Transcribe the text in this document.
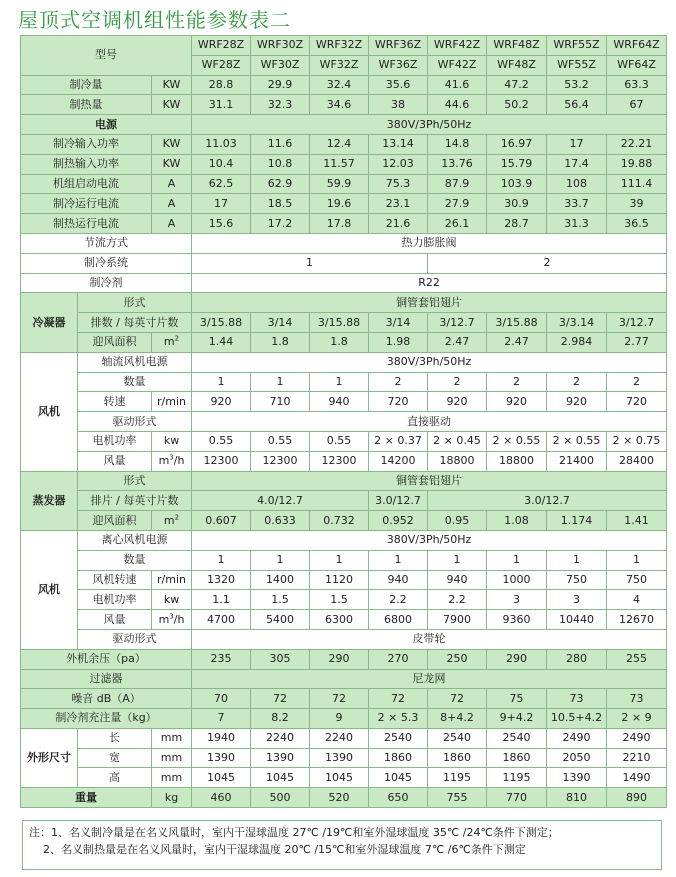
屋顶式空调机组性能参数表二
型号			WRF28Z	WRF30Z	WRF32Z	WRF36Z	WRF42Z	WRF48Z	WRF55Z	WRF64Z
			WF28Z	WF30Z	WF32Z	WF36Z	WF42Z	WF48Z	WF55Z	WF64Z
制冷量		KW	28.8	29.9	32.4	35.6	41.6	47.2	53.2	63.3
制热量		KW	31.1	32.3	34.6	38	44.6	50.2	56.4	67
电源			380V/3Ph/50Hz							
制冷输入功率		KW	11.03	11.6	12.4	13.14	14.8	16.97	17	22.21
制热输入功率		KW	10.4	10.8	11.57	12.03	13.76	15.79	17.4	19.88
机组启动电流		A	62.5	62.9	59.9	75.3	87.9	103.9	108	111.4
制冷运行电流		A	17	18.5	19.6	23.1	27.9	30.9	33.7	39
制热运行电流		A	15.6	17.2	17.8	21.6	26.1	28.7	31.3	36.5
节流方式			热力膨胀阀							
制冷系统			1				2			
制冷剂			R22							
冷凝器	形式		铜管套铝翅片							
	排数 / 每英寸片数		3/15.88	3/14	3/15.88	3/14	3/12.7	3/15.88	3/3.14	3/12.7
	迎风面积	$m^2$	1.44	1.8	1.8	1.98	2.47	2.47	2.984	2.77
风机	轴流风机电源		380V/3Ph/50Hz							
	数量		1	1	1	2	2	2	2	2
	转速	r/min	920	710	940	720	920	920	920	720
	驱动形式		直接驱动							
	电机功率	kw	0.55	0.55	0.55	2 × 0.37	2 × 0.45	2 × 0.55	2 × 0.55	2 × 0.75
	风量	$m^3/h$	12300	12300	12300	14200	18800	18800	21400	28400
蒸发器	形式		铜管套铝翅片							
	排片 / 每英寸片数		4.0/12.7			3.0/12.7	3.0/12.7			
	迎风面积	$m^2$	0.607	0.633	0.732	0.952	0.95	1.08	1.174	1.41
风机	离心风机电源		380V/3Ph/50Hz							
	数量		1	1	1	1	1	1	1	1
	风机转速	r/min	1320	1400	1120	940	940	1000	750	750
	电机功率	kw	1.1	1.5	1.5	2.2	2.2	3	3	4
	风量	$m^3/h$	4700	5400	6300	6800	7900	9360	10440	12670
	驱动形式		皮带轮							
外机余压（pa）			235	305	290	270	250	290	280	255
过滤器			尼龙网							
噪音 dB（A）			70	72	72	72	72	75	73	73
制冷剂充注量（kg）			7	8.2	9	2 × 5.3	8+4.2	9+4.2	10.5+4.2	2 × 9
外形尺寸	长	mm	1940	2240	2240	2540	2540	2540	2490	2490
	宽	mm	1390	1390	1390	1860	1860	1860	2050	2210
	高	mm	1045	1045	1045	1045	1195	1195	1390	1490
重量		kg	460	500	520	650	755	770	810	890
注：1、名义制冷量是在名义风量时，室内干湿球温度 27℃ /19℃和室外湿球温度 35℃ /24℃条件下测定；
2、名义制热量是在名义风量时，室内干湿球温度 20℃ /15℃和室外湿球温度 7℃ /6℃条件下测定
